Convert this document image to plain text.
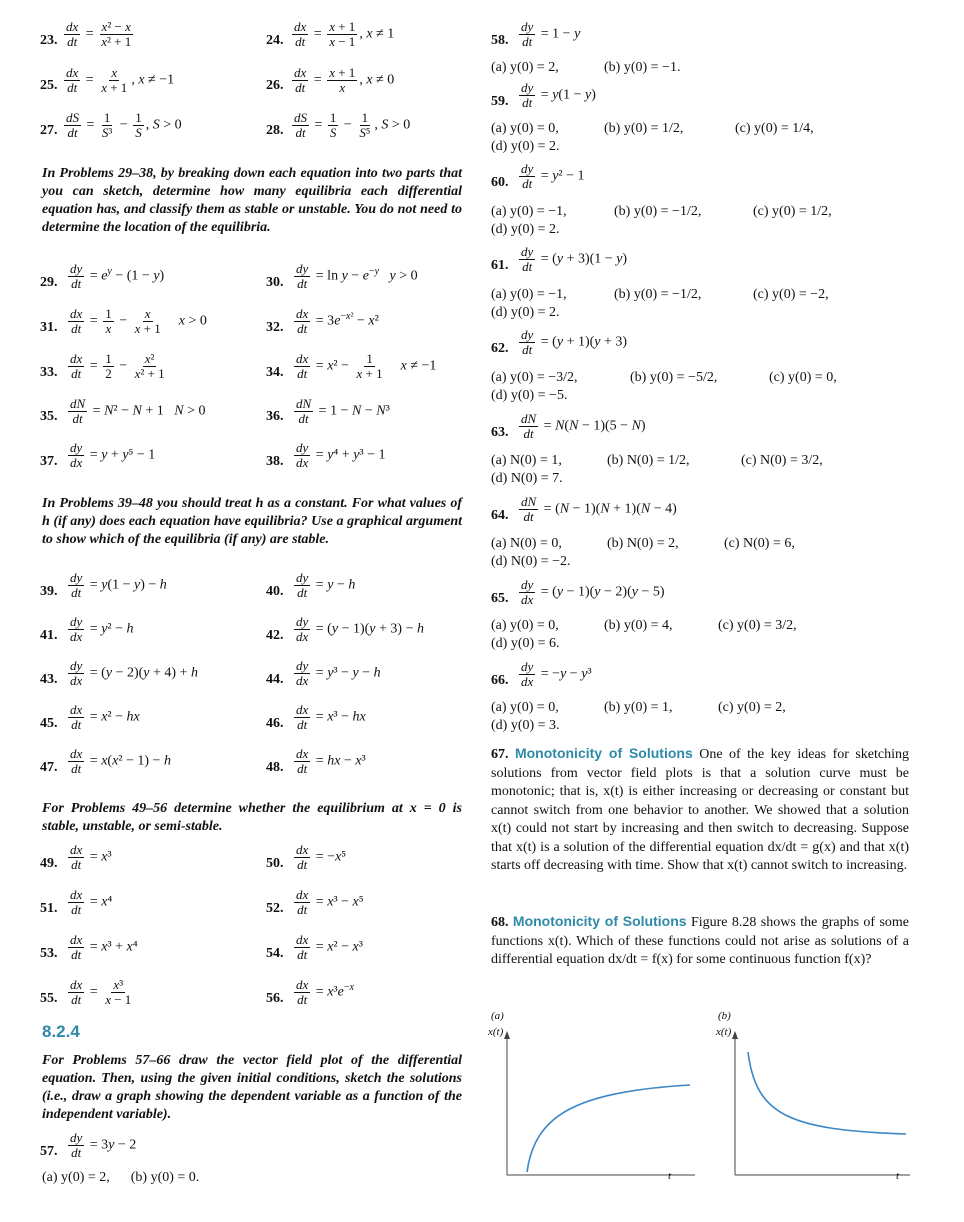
23. $\frac{dx}{dt} = \frac{\text{x² − x}}{\text{x² + 1}}$	24. $\frac{dx}{dt} = \frac{x + 1}{x - 1}$ , x ≠ 1
25. $\frac{dx}{dt} = \frac{x}{x + 1}$ , x ≠ −1	26. $\frac{dx}{dt} = \frac{x + 1}{x}$ , x ≠ 0
27. $\frac{dS}{dt} = \frac{1}{\text{S³}} - \frac{1}{S}$ , S > 0	28. $\frac{dS}{dt} = \frac{1}{S} - \frac{1}{\text{S⁵}}$ , S > 0
In Problems 29–38, by breaking down each equation into two parts that you can sketch, determine how many equilibria each differential equation has, and classify them as stable or unstable. You do not need to determine the location of the equilibria.
29. $\frac{dy}{dt} = e^y - (1 - y)$	30. $\frac{dy}{dt} = \ln y - e^{-y}$ y > 0
31. $\frac{dx}{dt} = \frac{1}{x} - \frac{x}{x + 1}$ x > 0	32. $\frac{dx}{dt} = 3e^{-x^2} - x^2$
33. $\frac{dx}{dt} = \frac{1}{2} - \frac{\text{x²}}{\text{x² + 1}}$	34. $\frac{dx}{dt} = x^2 - \frac{1}{x + 1}$ x ≠ −1
35. $\frac{dN}{dt} = N^2 - N + 1$   N > 0	36. $\frac{dN}{dt} = 1 - N - N^3$
37. $\frac{dy}{dx} = y + y^5 - 1$	38. $\frac{dy}{dx} = y^4 + y^3 - 1$
In Problems 39–48 you should treat h as a constant. For what values of h (if any) does each equation have equilibria? Use a graphical argument to show which of the equilibria (if any) are stable.
39. $\frac{dy}{dt} = y(1 - y) - h$	40. $\frac{dy}{dt} = y - h$
41. $\frac{dy}{dx} = y^2 - h$	42. $\frac{dy}{dx} = (y - 1)(y + 3) - h$
43. $\frac{dy}{dx} = (y - 2)(y + 4) + h$	44. $\frac{dy}{dx} = y^3 - y - h$
45. $\frac{dx}{dt} = x^2$ − hx	46. $\frac{dx}{dt} = x^3$ − hx
47. $\frac{dx}{dt} = x(x^2 - 1) - h$	48. $\frac{dx}{dt}$ = hx − x³
For Problems 49–56 determine whether the equilibrium at x = 0 is stable, unstable, or semi-stable.
49. $\frac{dx}{dt} = x^3$	50. $\frac{dx}{dt} = -x^5$
51. $\frac{dx}{dt} = x^4$	52. $\frac{dx}{dt} = x^3 - x^5$
53. $\frac{dx}{dt} = x^3 + x^4$	54. $\frac{dx}{dt} = x^2 - x^3$
55. $\frac{dx}{dt} = \frac{\text{x³}}{x - 1}$	56. $\frac{dx}{dt} = x^3e^{-x}$
8.2.4
For Problems 57–66 draw the vector field plot of the differential equation. Then, using the given initial conditions, sketch the solutions (i.e., draw a graph showing the dependent variable as a function of the independent variable).
57. $\frac{dy}{dt} = 3y - 2$
(a) y(0) = 2,      (b) y(0) = 0.
58. $\frac{dy}{dt} = 1 - y$
(a) y(0) = 2,	(b) y(0) = −1.
59. $\frac{dy}{dt} = y(1 - y)$
(a) y(0) = 0,	(b) y(0) = 1/2,	(c) y(0) = 1/4,
(d) y(0) = 2.
60. $\frac{dy}{dt} = y^2 - 1$
(a) y(0) = −1,	(b) y(0) = −1/2,	(c) y(0) = 1/2,
(d) y(0) = 2.
61. $\frac{dy}{dt} = (y + 3)(1 - y)$
(a) y(0) = −1,	(b) y(0) = −1/2,	(c) y(0) = −2,
(d) y(0) = 2.
62. $\frac{dy}{dt} = (y + 1)(y + 3)$
(a) y(0) = −3/2,	(b) y(0) = −5/2,	(c) y(0) = 0,
(d) y(0) = −5.
63. $\frac{dN}{dt} = N(N - 1)(5 - N)$
(a) N(0) = 1,	(b) N(0) = 1/2,	(c) N(0) = 3/2,
(d) N(0) = 7.
64. $\frac{dN}{dt} = (N - 1)(N + 1)(N - 4)$
(a) N(0) = 0,	(b) N(0) = 2,	(c) N(0) = 6,
(d) N(0) = −2.
65. $\frac{dy}{dx} = (y - 1)(y - 2)(y - 5)$
(a) y(0) = 0,	(b) y(0) = 4,	(c) y(0) = 3/2,
(d) y(0) = 6.
66. $\frac{dy}{dx} = -y - y^3$
(a) y(0) = 0,	(b) y(0) = 1,	(c) y(0) = 2,
(d) y(0) = 3.
67. Monotonicity of Solutions One of the key ideas for sketching solutions from vector field plots is that a solution curve must be monotonic; that is, x(t) is either increasing or decreasing or constant but cannot switch from one behavior to another. We showed that a solution x(t) could not start by increasing and then switch to decreasing. Suppose that x(t) is a solution of the differential equation dx/dt = g(x) and that x(t) starts off decreasing with time. Show that x(t) cannot switch to increasing.
68. Monotonicity of Solutions Figure 8.28 shows the graphs of some functions x(t). Which of these functions could not arise as solutions of a differential equation dx/dt = f(x) for some continuous function f(x)?
(a)
x(t)
t
(b)
x(t)
t
